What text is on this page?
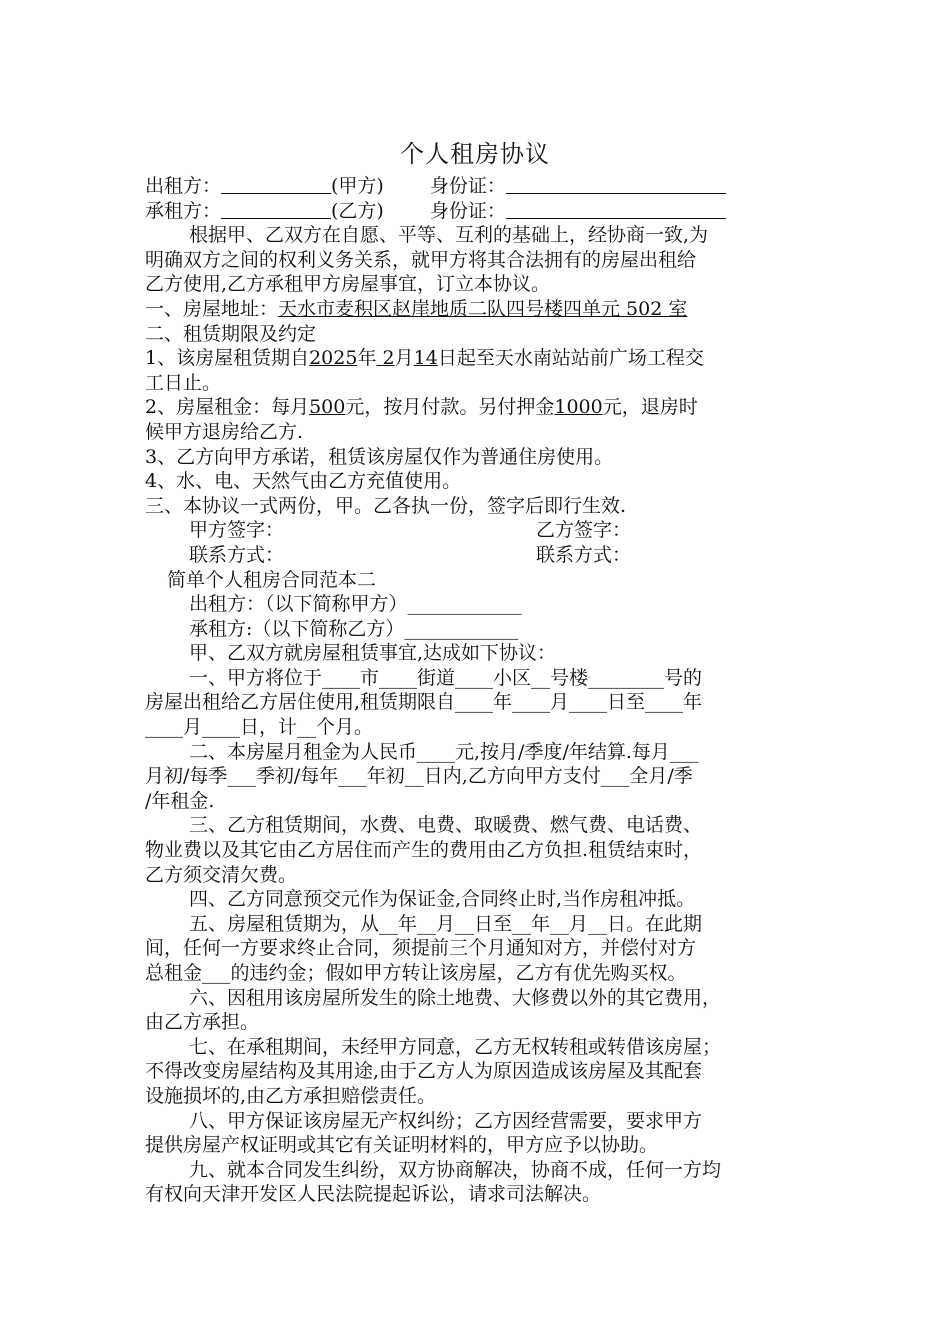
个人租房协议
出租方：	(甲方) 身份证：
承租方：	(乙方) 身份证：
根据甲、乙双方在自愿、平等、互利的基础上，经协商一致,为
明确双方之间的权利义务关系，就甲方将其合法拥有的房屋出租给
乙方使用,乙方承租甲方房屋事宜，订立本协议。
一、房屋地址：天水市麦积区赵崖地质二队四号楼四单元 502 室
二、租赁期限及约定
1、该房屋租赁期自2025年 2月14日起至天水南站站前广场工程交
工日止。
2、房屋租金：每月500元，按月付款。另付押金1000元，退房时
候甲方退房给乙方.
3、乙方向甲方承诺，租赁该房屋仅作为普通住房使用。
4、水、电、天然气由乙方充值使用。
三、本协议一式两份，甲。乙各执一份，签字后即行生效.
甲方签字：	乙方签字：
联系方式：	联系方式：
简单个人租房合同范本二
出租方：（以下简称甲方）____________
承租方:（以下简称乙方）____________
甲、乙双方就房屋租赁事宜,达成如下协议：
一、甲方将位于____市____街道____小区__号楼________号的
房屋出租给乙方居住使用,租赁期限自____年____月____日至____年
____月____日，计__个月。
二、本房屋月租金为人民币____元,按月/季度/年结算.每月___
月初/每季___季初/每年___年初__日内,乙方向甲方支付___全月/季
/年租金.
三、乙方租赁期间，水费、电费、取暖费、燃气费、电话费、
物业费以及其它由乙方居住而产生的费用由乙方负担.租赁结束时，
乙方须交清欠费。
四、乙方同意预交元作为保证金,合同终止时,当作房租冲抵。
五、房屋租赁期为，从__年__月__日至__年__月__日。在此期
间，任何一方要求终止合同，须提前三个月通知对方，并偿付对方
总租金___的违约金；假如甲方转让该房屋，乙方有优先购买权。
六、因租用该房屋所发生的除土地费、大修费以外的其它费用，
由乙方承担。
七、在承租期间，未经甲方同意，乙方无权转租或转借该房屋；
不得改变房屋结构及其用途,由于乙方人为原因造成该房屋及其配套
设施损坏的,由乙方承担赔偿责任。
八、甲方保证该房屋无产权纠纷；乙方因经营需要，要求甲方
提供房屋产权证明或其它有关证明材料的，甲方应予以协助。
九、就本合同发生纠纷，双方协商解决，协商不成，任何一方均
有权向天津开发区人民法院提起诉讼，请求司法解决。
